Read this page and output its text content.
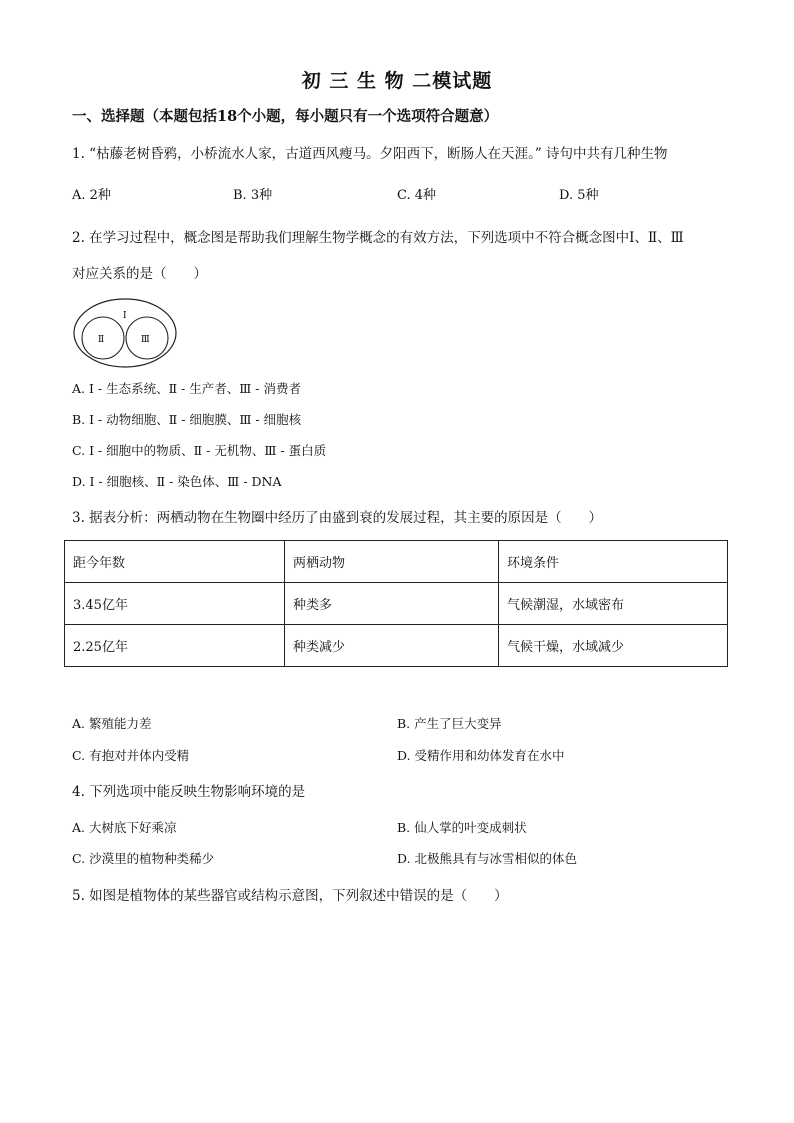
初 三 生 物 二模试题
一、选择题（本题包括18个小题，每小题只有一个选项符合题意）
1. “枯藤老树昏鸦，小桥流水人家，古道西风瘦马。夕阳西下，断肠人在天涯。” 诗句中共有几种生物
A. 2种	B. 3种	C. 4种	D. 5种
2. 在学习过程中，概念图是帮助我们理解生物学概念的有效方法，下列选项中不符合概念图中Ⅰ、Ⅱ、Ⅲ
对应关系的是（　　）
Ⅰ
Ⅱ	Ⅲ
A. Ⅰ - 生态系统、Ⅱ - 生产者、Ⅲ - 消费者
B. Ⅰ - 动物细胞、Ⅱ - 细胞膜、Ⅲ - 细胞核
C. Ⅰ - 细胞中的物质、Ⅱ - 无机物、Ⅲ - 蛋白质
D. Ⅰ - 细胞核、Ⅱ - 染色体、Ⅲ - DNA
3. 据表分析：两栖动物在生物圈中经历了由盛到衰的发展过程，其主要的原因是（　　）
距今年数	两栖动物	环境条件
3.45亿年	种类多	气候潮湿，水域密布
2.25亿年	种类减少	气候干燥，水域减少
A. 繁殖能力差	B. 产生了巨大变异
C. 有抱对并体内受精	D. 受精作用和幼体发育在水中
4. 下列选项中能反映生物影响环境的是
A. 大树底下好乘凉	B. 仙人掌的叶变成刺状
C. 沙漠里的植物种类稀少	D. 北极熊具有与冰雪相似的体色
5. 如图是植物体的某些器官或结构示意图，下列叙述中错误的是（　　）
